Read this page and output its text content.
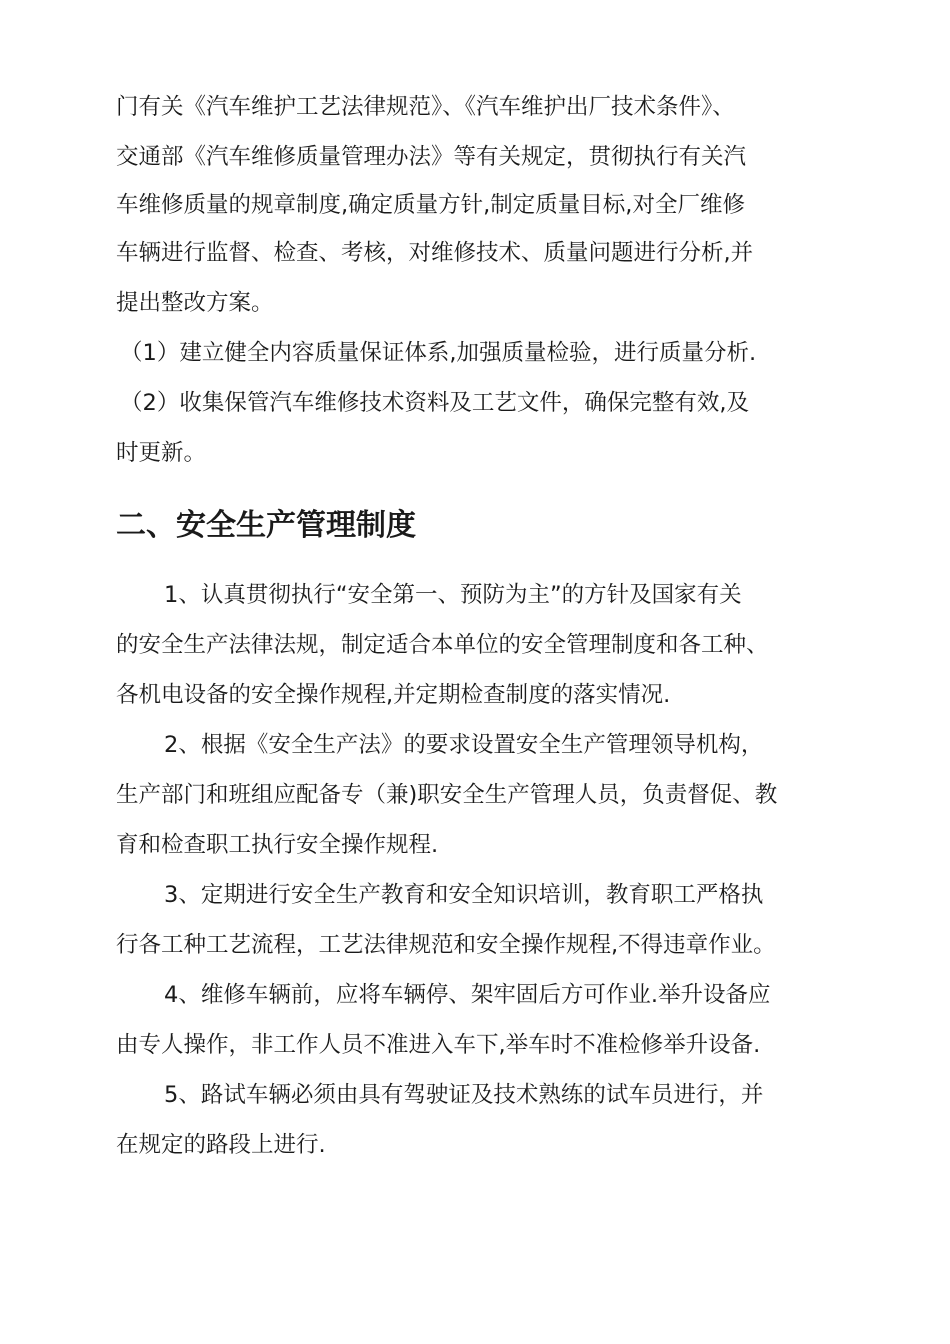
门有关《汽车维护工艺法律规范》、《汽车维护出厂技术条件》、

交通部《汽车维修质量管理办法》等有关规定，贯彻执行有关汽

车维修质量的规章制度,确定质量方针,制定质量目标,对全厂维修

车辆进行监督、检查、考核，对维修技术、质量问题进行分析,并

提出整改方案。

（1）建立健全内容质量保证体系,加强质量检验，进行质量分析.

（2）收集保管汽车维修技术资料及工艺文件，确保完整有效,及

时更新。

二、安全生产管理制度

1、认真贯彻执行“安全第一、预防为主”的方针及国家有关

的安全生产法律法规，制定适合本单位的安全管理制度和各工种、

各机电设备的安全操作规程,并定期检查制度的落实情况.

2、根据《安全生产法》的要求设置安全生产管理领导机构，

生产部门和班组应配备专（兼)职安全生产管理人员，负责督促、教

育和检查职工执行安全操作规程.

3、定期进行安全生产教育和安全知识培训，教育职工严格执

行各工种工艺流程，工艺法律规范和安全操作规程,不得违章作业。

4、维修车辆前，应将车辆停、架牢固后方可作业.举升设备应

由专人操作，非工作人员不准进入车下,举车时不准检修举升设备.

5、路试车辆必须由具有驾驶证及技术熟练的试车员进行，并

在规定的路段上进行.
